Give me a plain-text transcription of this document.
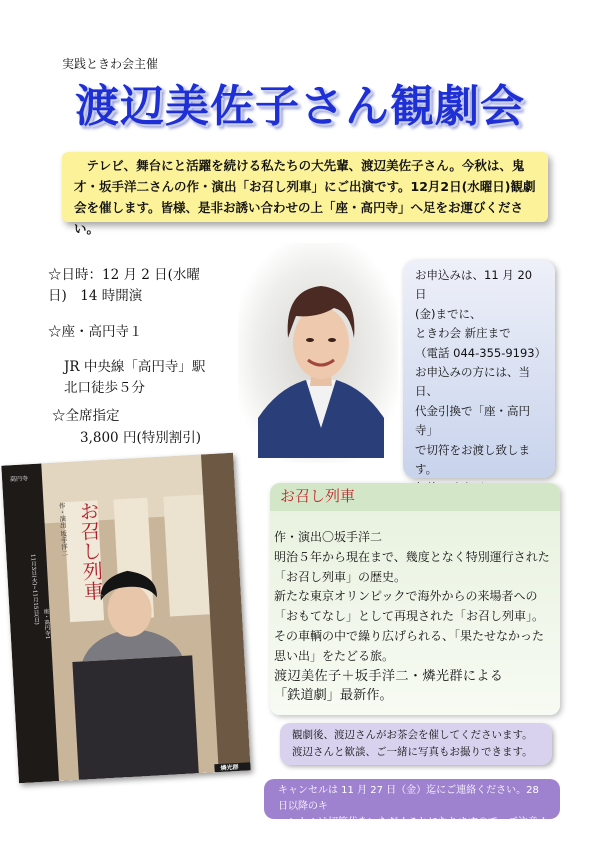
実践ときわ会主催
渡辺美佐子さん観劇会
テレビ、舞台にと活躍を続ける私たちの大先輩、渡辺美佐子さん。今秋は、鬼才・坂手洋二さんの作・演出「お召し列車」にご出演です。12月2日(水曜日)観劇会を催します。皆様、是非お誘い合わせの上「座・高円寺」へ足をお運びください。
☆日時：12 月 2 日(水曜
日)　14 時開演
☆座・高円寺１
JR 中央線「高円寺」駅
北口徒歩５分
☆全席指定
3,800 円(特別割引)
お申込みは、11 月 20 日
(金)までに、
ときわ会 新庄まで
（電話 044-355-9193）
お申込みの方には、当日、
代金引換で「座・高円寺」
で切符をお渡し致します。
高円寺
11月3日(火)~11月15日(日) 座・高円寺1
お召し列車
作・演出 坂手洋二
燐光群
お召し列車
作・演出〇坂手洋二
明治５年から現在まで、幾度となく特別運行された
「お召し列車」の歴史。
新たな東京オリンピックで海外からの来場者への
「おもてなし」として再現された「お召し列車」。
その車輌の中で繰り広げられる、「果たせなかった
思い出」をたどる旅。
渡辺美佐子＋坂手洋二・燐光群による
「鉄道劇」最新作。
観劇後、渡辺さんがお茶会を催してくださいます。
渡辺さんと歓談、ご一緒に写真もお撮りできます。
キャンセルは 11 月 27 日（金）迄にご連絡ください。28 日以降のキ
ャンセルは切符代をいただくことになりますので、ご注意ください。
